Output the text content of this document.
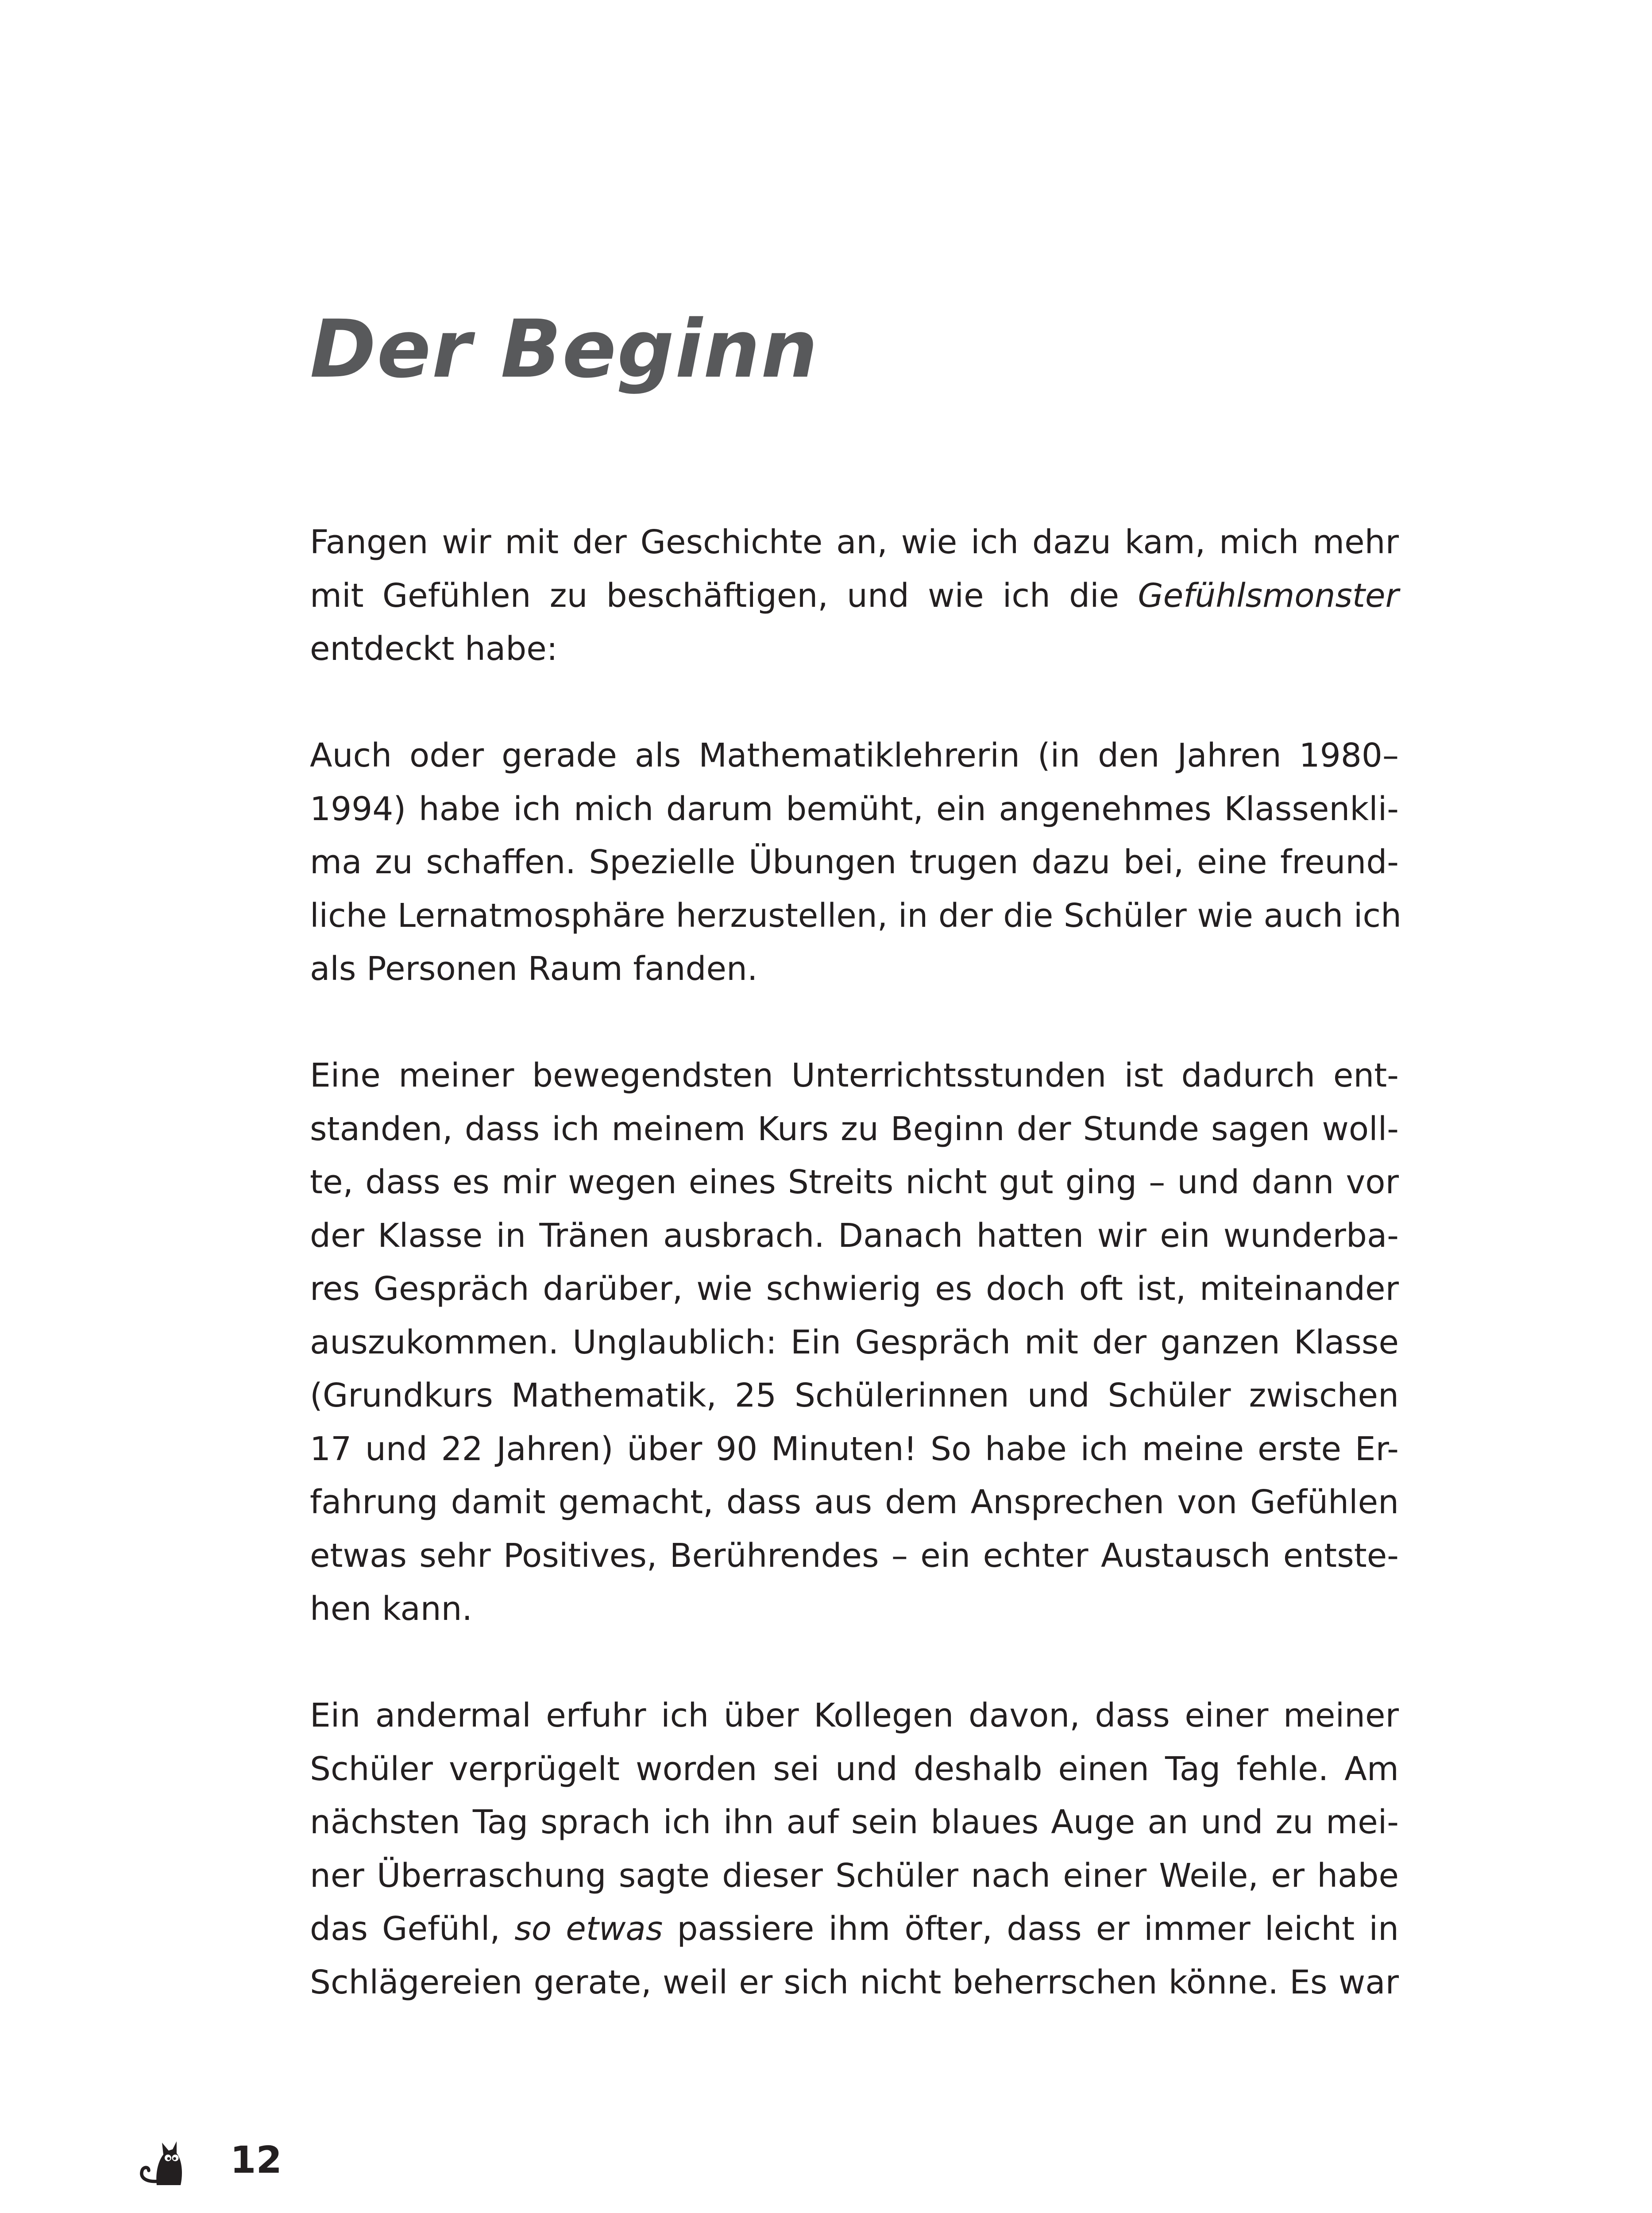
Der Beginn
Fangen wir mit der Geschichte an, wie ich dazu kam, mich mehr
mit Gefühlen zu beschäftigen, und wie ich die Gefühlsmonster
entdeckt habe:
Auch oder gerade als Mathematiklehrerin (in den Jahren 1980–
1994) habe ich mich darum bemüht, ein angenehmes Klassenkli-
ma zu schaffen. Spezielle Übungen trugen dazu bei, eine freund-
liche Lernatmosphäre herzustellen, in der die Schüler wie auch ich
als Personen Raum fanden.
Eine meiner bewegendsten Unterrichtsstunden ist dadurch ent-
standen, dass ich meinem Kurs zu Beginn der Stunde sagen woll-
te, dass es mir wegen eines Streits nicht gut ging – und dann vor
der Klasse in Tränen ausbrach. Danach hatten wir ein wunderba-
res Gespräch darüber, wie schwierig es doch oft ist, miteinander
auszukommen. Unglaublich: Ein Gespräch mit der ganzen Klasse
(Grundkurs Mathematik, 25 Schülerinnen und Schüler zwischen
17 und 22 Jahren) über 90 Minuten! So habe ich meine erste Er-
fahrung damit gemacht, dass aus dem Ansprechen von Gefühlen
etwas sehr Positives, Berührendes – ein echter Austausch entste-
hen kann.
Ein andermal erfuhr ich über Kollegen davon, dass einer meiner
Schüler verprügelt worden sei und deshalb einen Tag fehle. Am
nächsten Tag sprach ich ihn auf sein blaues Auge an und zu mei-
ner Überraschung sagte dieser Schüler nach einer Weile, er habe
das Gefühl, so etwas passiere ihm öfter, dass er immer leicht in
Schlägereien gerate, weil er sich nicht beherrschen könne. Es war
12
